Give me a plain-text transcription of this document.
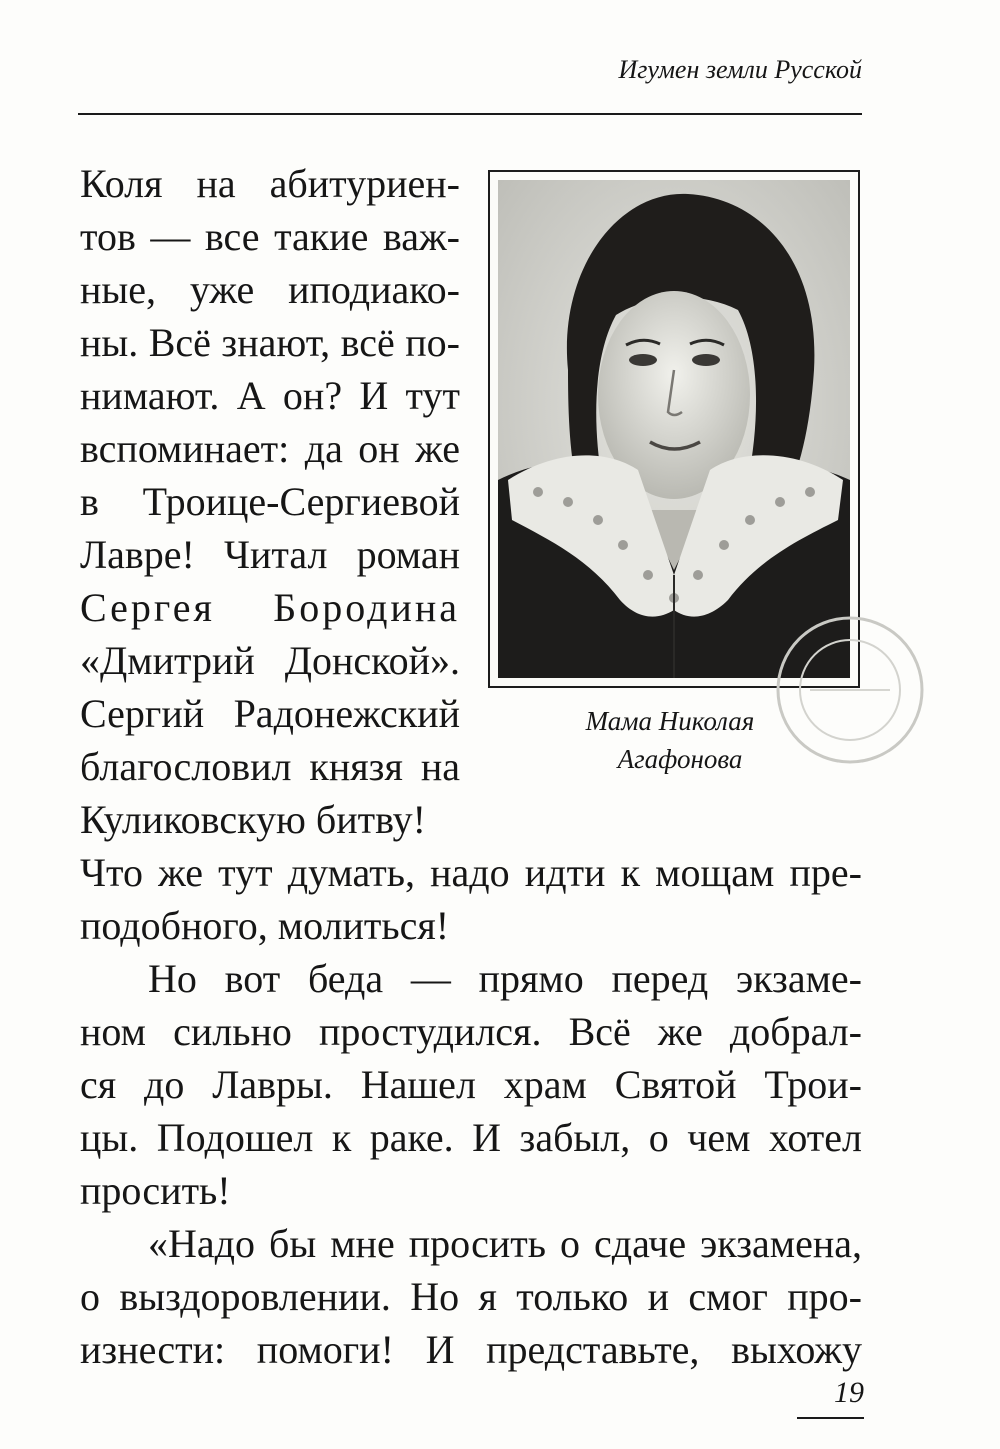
Игумен земли Русской

Коля на абитуриен-

тов — все такие важ-

ные, уже иподиако-

ны. Всё знают, всё по-

нимают. А он? И тут

вспоминает: да он же

в Троице-Сергиевой

Лавре! Читал роман

Сергея Бородина

«Дмитрий Донской».

Сергий Радонежский

благословил князя на

Куликовскую битву!

Что же тут думать, надо идти к мощам пре-

подобного, молиться!

Но вот беда — прямо перед экзаме-

ном сильно простудился. Всё же добрал-

ся до Лавры. Нашел храм Святой Трои-

цы. Подошел к раке. И забыл, о чем хотел

просить!

«Надо бы мне просить о сдаче экзамена,

о выздоровлении. Но я только и смог про-

изнести: помоги! И представьте, выхожу

Мама Николая

Агафонова

19
